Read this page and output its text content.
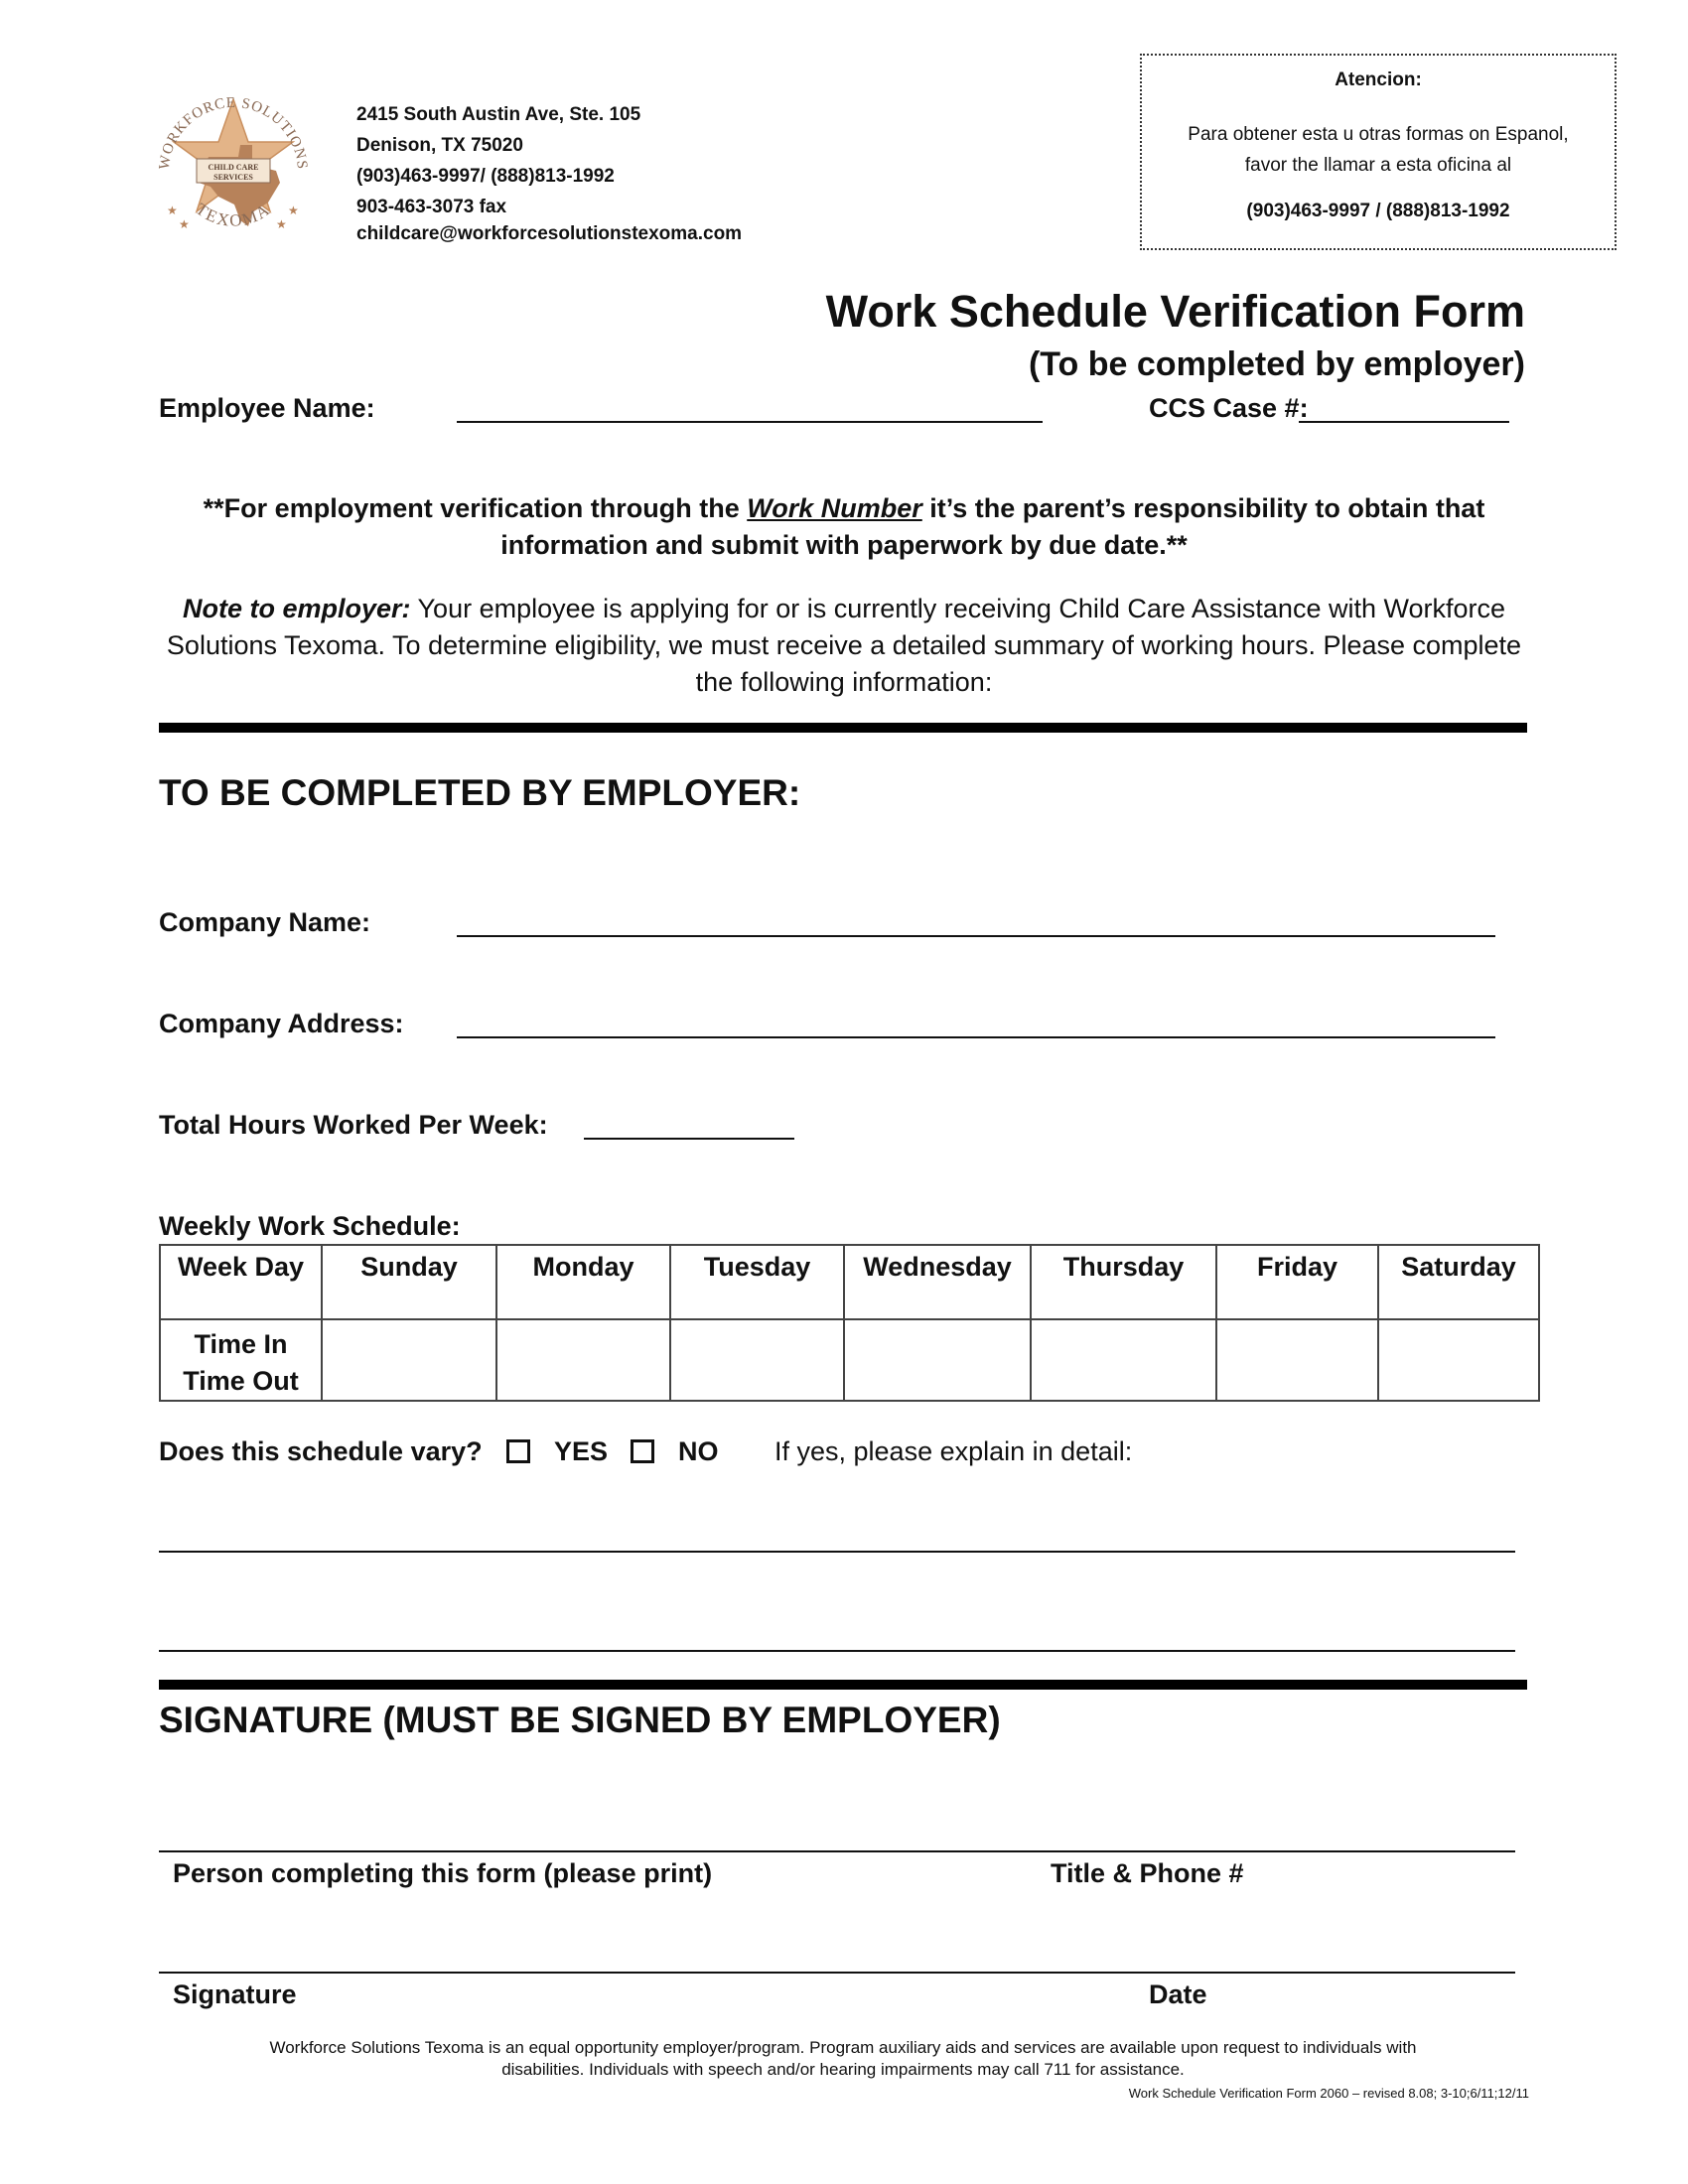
CHILD CARE
SERVICES
WORKFORCE SOLUTIONS
TEXOMA
★
★
★
★
2415 South Austin Ave, Ste. 105
Denison, TX 75020
(903)463-9997/ (888)813-1992
903-463-3073 fax
childcare@workforcesolutionstexoma.com
Atencion:
Para obtener esta u otras formas on Espanol,
favor the llamar a esta oficina al
(903)463-9997 / (888)813-1992
Work Schedule Verification Form
(To be completed by employer)
Employee Name:	CCS Case #:
**For employment verification through the Work Number it’s the parent’s responsibility to obtain that
information and submit with paperwork by due date.**
Note to employer: Your employee is applying for or is currently receiving Child Care Assistance with Workforce Solutions Texoma. To determine eligibility, we must receive a detailed summary of working hours. Please complete the following information:
TO BE COMPLETED BY EMPLOYER:
Company Name:
Company Address:
Total Hours Worked Per Week:
Weekly Work Schedule:
Week Day	Sunday	Monday	Tuesday	Wednesday	Thursday	Friday	Saturday

Time In
Time Out							

Does this schedule vary?	YES	NO If yes, please explain in detail:
SIGNATURE (MUST BE SIGNED BY EMPLOYER)
Person completing this form (please print)	Title & Phone #
Signature	Date
Workforce Solutions Texoma is an equal opportunity employer/program. Program auxiliary aids and services are available upon request to individuals with
disabilities. Individuals with speech and/or hearing impairments may call 711 for assistance.
Work Schedule Verification Form 2060 – revised 8.08; 3-10;6/11;12/11
